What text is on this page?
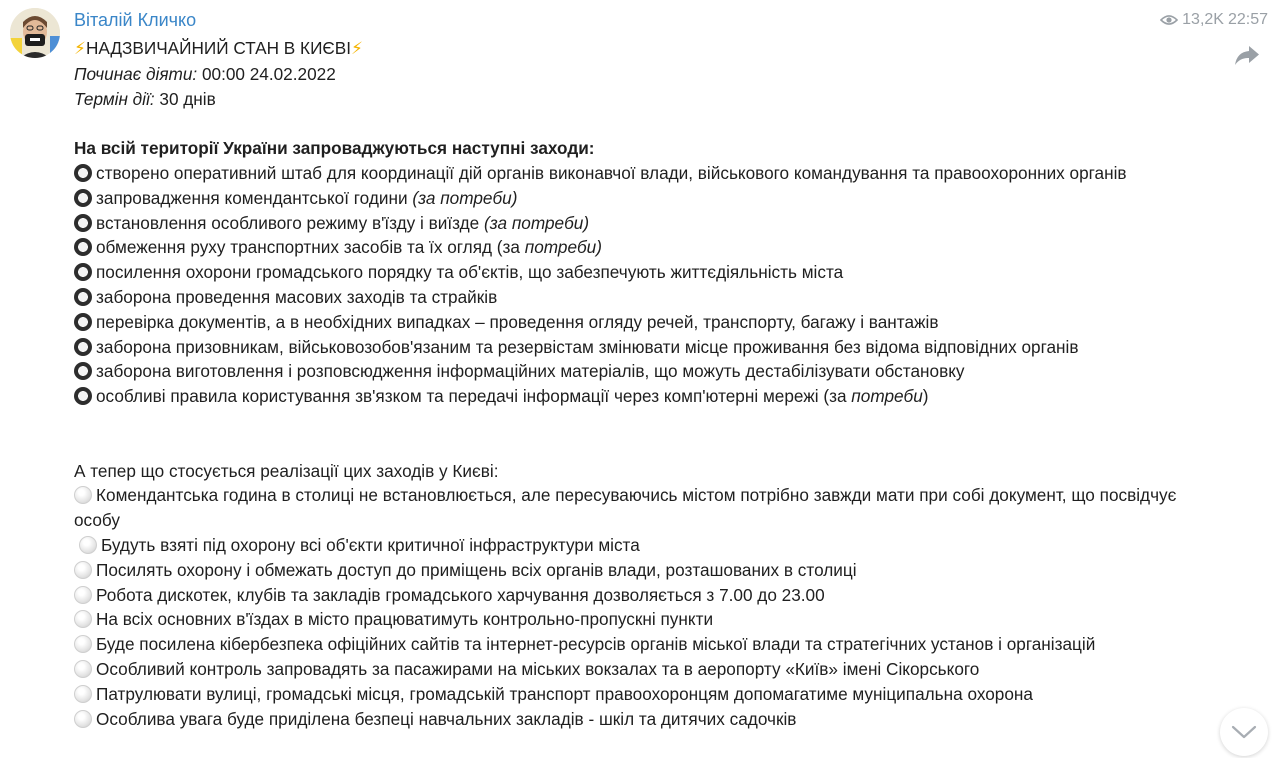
Віталій Кличко	13,2K 22:57
⚡НАДЗВИЧАЙНИЙ СТАН В КИЄВІ⚡
Починає діяти: 00:00 24.02.2022
Термін дії: 30 днів
На всій території України запроваджуються наступні заходи:
створено оперативний штаб для координації дій органів виконавчої влади, військового командування та правоохоронних органів
запровадження комендантської години (за потреби)
встановлення особливого режиму в'їзду і виїзде (за потреби)
обмеження руху транспортних засобів та їх огляд (за потреби)
посилення охорони громадського порядку та об'єктів, що забезпечують життєдіяльність міста
заборона проведення масових заходів та страйків
перевірка документів, а в необхідних випадках – проведення огляду речей, транспорту, багажу і вантажів
заборона призовникам, військовозобов'язаним та резервістам змінювати місце проживання без відома відповідних органів
заборона виготовлення і розповсюдження інформаційних матеріалів, що можуть дестабілізувати обстановку
особливі правила користування зв'язком та передачі інформації через комп'ютерні мережі (за потреби)
А тепер що стосується реалізації цих заходів у Києві:
Комендантська година в столиці не встановлюється, але пересуваючись містом потрібно завжди мати при собі документ, що посвідчує особу
Будуть взяті під охорону всі об'єкти критичної інфраструктури міста
Посилять охорону і обмежать доступ до приміщень всіх органів влади, розташованих в столиці
Робота дискотек, клубів та закладів громадського харчування дозволяється з 7.00 до 23.00
На всіх основних в'їздах в місто працюватимуть контрольно-пропускні пункти
Буде посилена кібербезпека офіційних сайтів та інтернет-ресурсів органів міської влади та стратегічних установ і організацій
Особливий контроль запровадять за пасажирами на міських вокзалах та в аеропорту «Київ» імені Сікорського
Патрулювати вулиці, громадські місця, громадській транспорт правоохоронцям допомагатиме муніципальна охорона
Особлива увага буде приділена безпеці навчальних закладів - шкіл та дитячих садочків
